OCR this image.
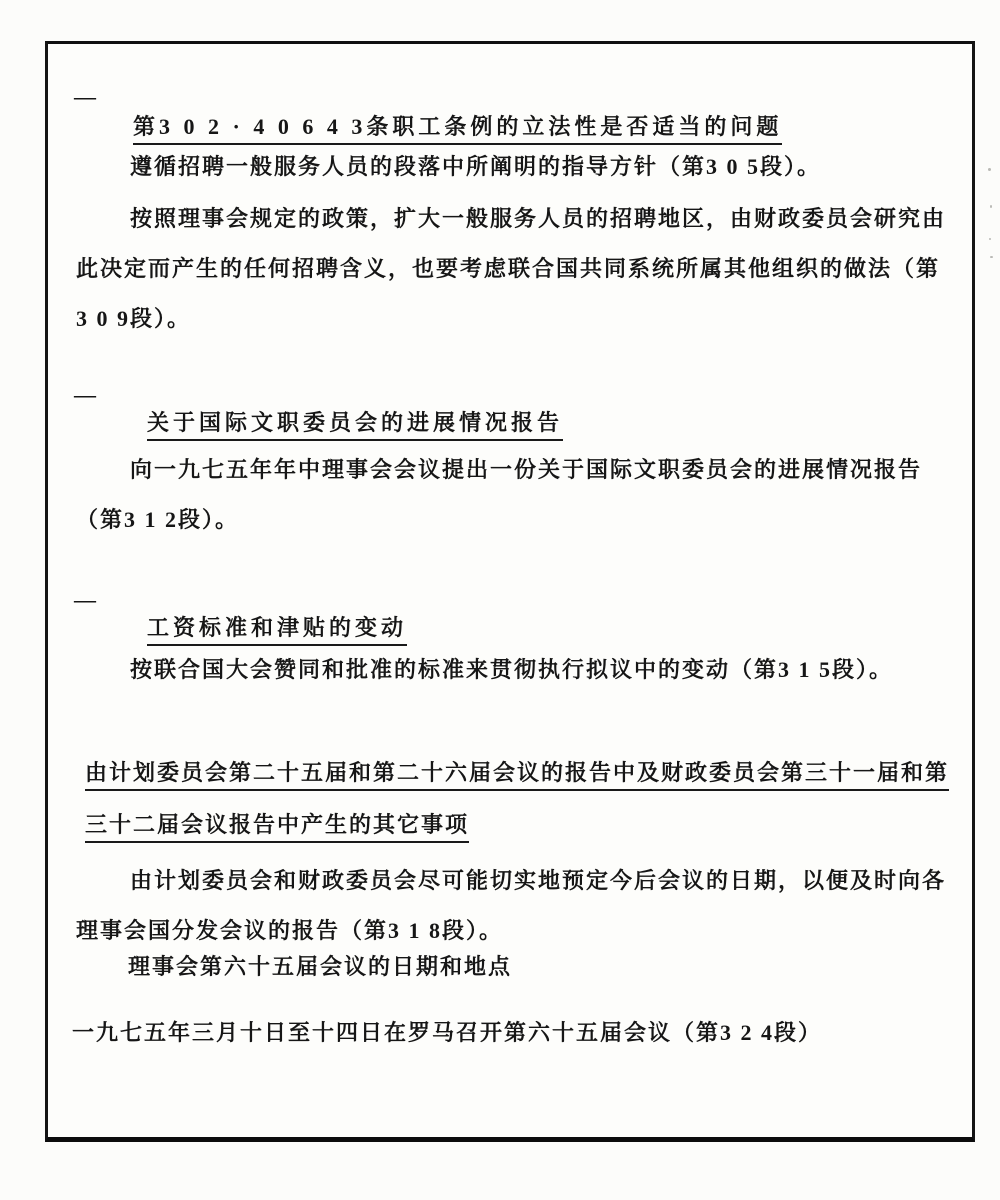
—

第3 0 2 · 4 0 6 4 3条职工条例的立法性是否适当的问题

遵循招聘一般服务人员的段落中所阐明的指导方针（第3 0 5段）。
按照理事会规定的政策，扩大一般服务人员的招聘地区，由财政委员会研究由
此决定而产生的任何招聘含义，也要考虑联合国共同系统所属其他组织的做法（第
3 0 9段）。
—

关于国际文职委员会的进展情况报告

向一九七五年年中理事会会议提出一份关于国际文职委员会的进展情况报告
（第3 1 2段）。
—

工资标准和津贴的变动

按联合国大会赞同和批准的标准来贯彻执行拟议中的变动（第3 1 5段）。

由计划委员会第二十五届和第二十六届会议的报告中及财政委员会第三十一届和第

三十二届会议报告中产生的其它事项

由计划委员会和财政委员会尽可能切实地预定今后会议的日期，以便及时向各
理事会国分发会议的报告（第3 1 8段）。
理事会第六十五届会议的日期和地点
一九七五年三月十日至十四日在罗马召开第六十五届会议（第3 2 4段）
